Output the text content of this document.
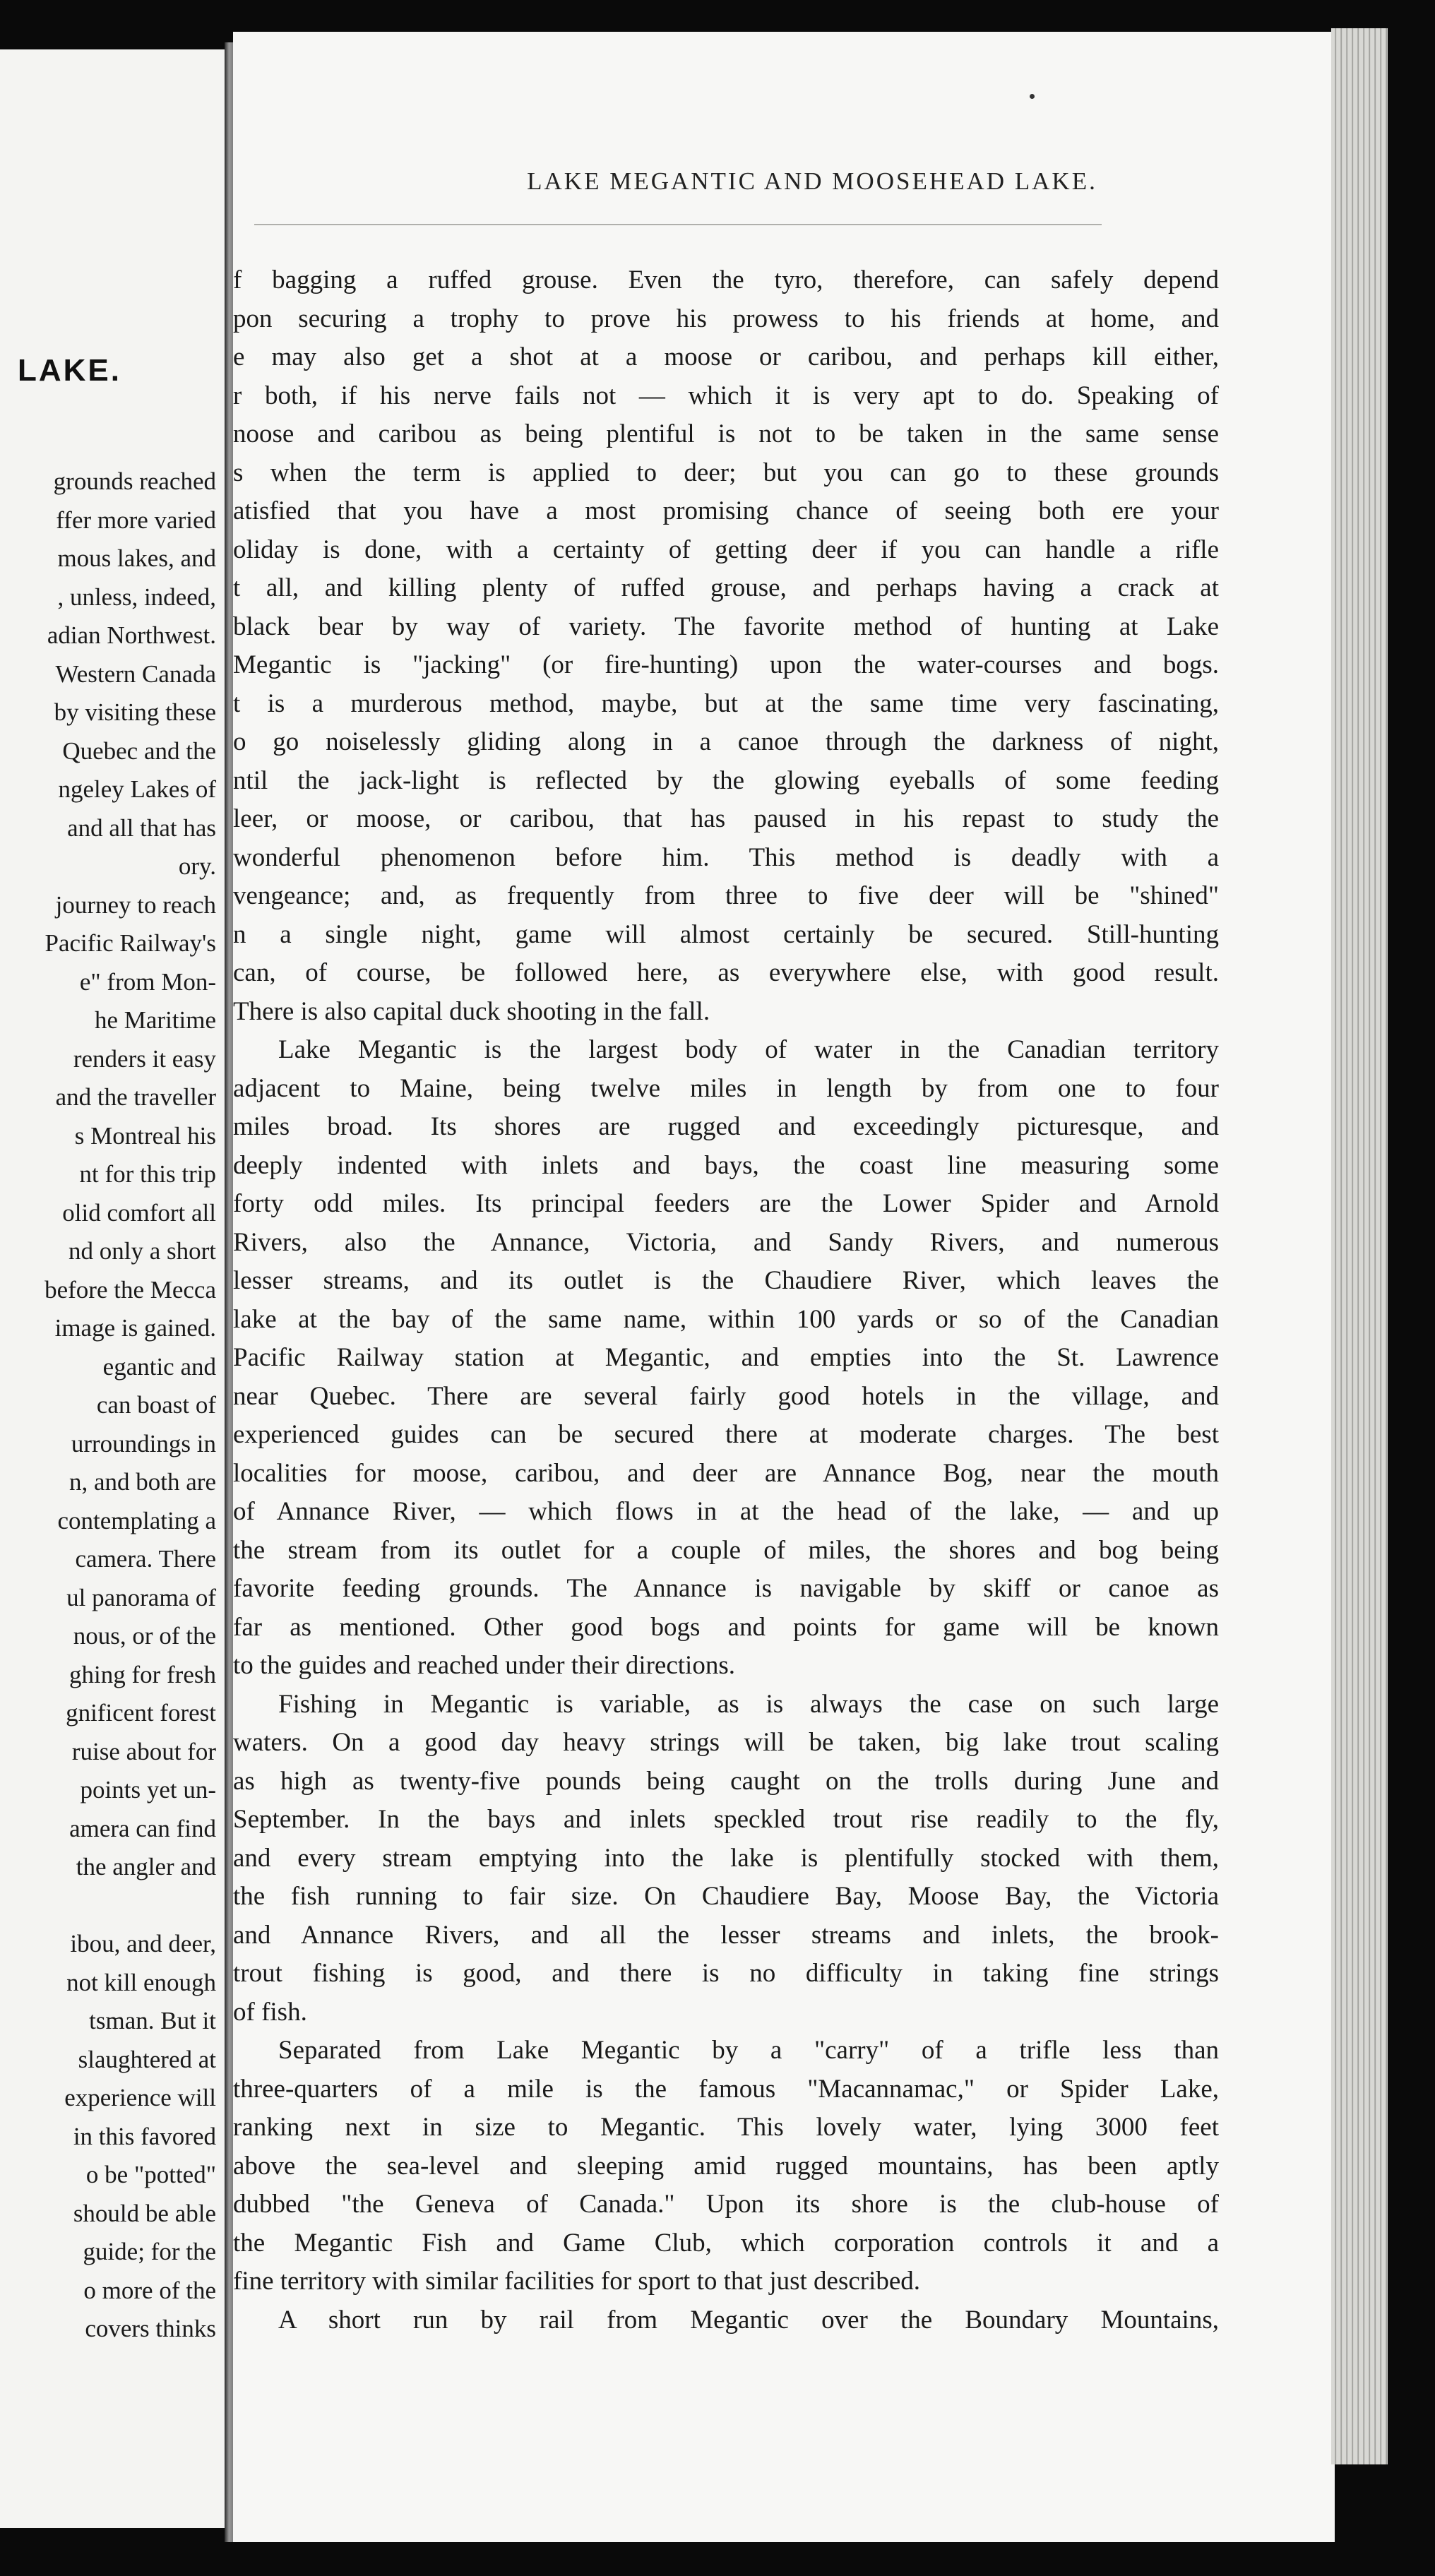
LAKE.
grounds reached
ffer more varied
mous lakes, and
, unless, indeed,
adian Northwest.
Western Canada
by visiting these
Quebec and the
ngeley Lakes of
and all that has
ory.
journey to reach
Pacific Railway's
e" from Mon-
he Maritime
renders it easy
and the traveller
s Montreal his
nt for this trip
olid comfort all
nd only a short
before the Mecca
image is gained.
egantic and
can boast of
urroundings in
n, and both are
contemplating a
camera. There
ul panorama of
nous, or of the
ghing for fresh
gnificent forest
ruise about for
points yet un-
amera can find
the angler and
ibou, and deer,
not kill enough
tsman. But it
slaughtered at
experience will
in this favored
o be "potted"
should be able
guide; for the
o more of the
covers thinks
LAKE MEGANTIC AND MOOSEHEAD LAKE.
f bagging a ruffed grouse. Even the tyro, therefore, can safely depend
pon securing a trophy to prove his prowess to his friends at home, and
e may also get a shot at a moose or caribou, and perhaps kill either,
r both, if his nerve fails not — which it is very apt to do. Speaking of
noose and caribou as being plentiful is not to be taken in the same sense
s when the term is applied to deer; but you can go to these grounds
atisfied that you have a most promising chance of seeing both ere your
oliday is done, with a certainty of getting deer if you can handle a rifle
t all, and killing plenty of ruffed grouse, and perhaps having a crack at
black bear by way of variety. The favorite method of hunting at Lake
Megantic is "jacking" (or fire-hunting) upon the water-courses and bogs.
t is a murderous method, maybe, but at the same time very fascinating,
o go noiselessly gliding along in a canoe through the darkness of night,
ntil the jack-light is reflected by the glowing eyeballs of some feeding
leer, or moose, or caribou, that has paused in his repast to study the
wonderful phenomenon before him. This method is deadly with a
vengeance; and, as frequently from three to five deer will be "shined"
n a single night, game will almost certainly be secured. Still-hunting
can, of course, be followed here, as everywhere else, with good result.
There is also capital duck shooting in the fall.
Lake Megantic is the largest body of water in the Canadian territory
adjacent to Maine, being twelve miles in length by from one to four
miles broad. Its shores are rugged and exceedingly picturesque, and
deeply indented with inlets and bays, the coast line measuring some
forty odd miles. Its principal feeders are the Lower Spider and Arnold
Rivers, also the Annance, Victoria, and Sandy Rivers, and numerous
lesser streams, and its outlet is the Chaudiere River, which leaves the
lake at the bay of the same name, within 100 yards or so of the Canadian
Pacific Railway station at Megantic, and empties into the St. Lawrence
near Quebec. There are several fairly good hotels in the village, and
experienced guides can be secured there at moderate charges. The best
localities for moose, caribou, and deer are Annance Bog, near the mouth
of Annance River, — which flows in at the head of the lake, — and up
the stream from its outlet for a couple of miles, the shores and bog being
favorite feeding grounds. The Annance is navigable by skiff or canoe as
far as mentioned. Other good bogs and points for game will be known
to the guides and reached under their directions.
Fishing in Megantic is variable, as is always the case on such large
waters. On a good day heavy strings will be taken, big lake trout scaling
as high as twenty-five pounds being caught on the trolls during June and
September. In the bays and inlets speckled trout rise readily to the fly,
and every stream emptying into the lake is plentifully stocked with them,
the fish running to fair size. On Chaudiere Bay, Moose Bay, the Victoria
and Annance Rivers, and all the lesser streams and inlets, the brook-
trout fishing is good, and there is no difficulty in taking fine strings
of fish.
Separated from Lake Megantic by a "carry" of a trifle less than
three-quarters of a mile is the famous "Macannamac," or Spider Lake,
ranking next in size to Megantic. This lovely water, lying 3000 feet
above the sea-level and sleeping amid rugged mountains, has been aptly
dubbed "the Geneva of Canada." Upon its shore is the club-house of
the Megantic Fish and Game Club, which corporation controls it and a
fine territory with similar facilities for sport to that just described.
A short run by rail from Megantic over the Boundary Mountains,
